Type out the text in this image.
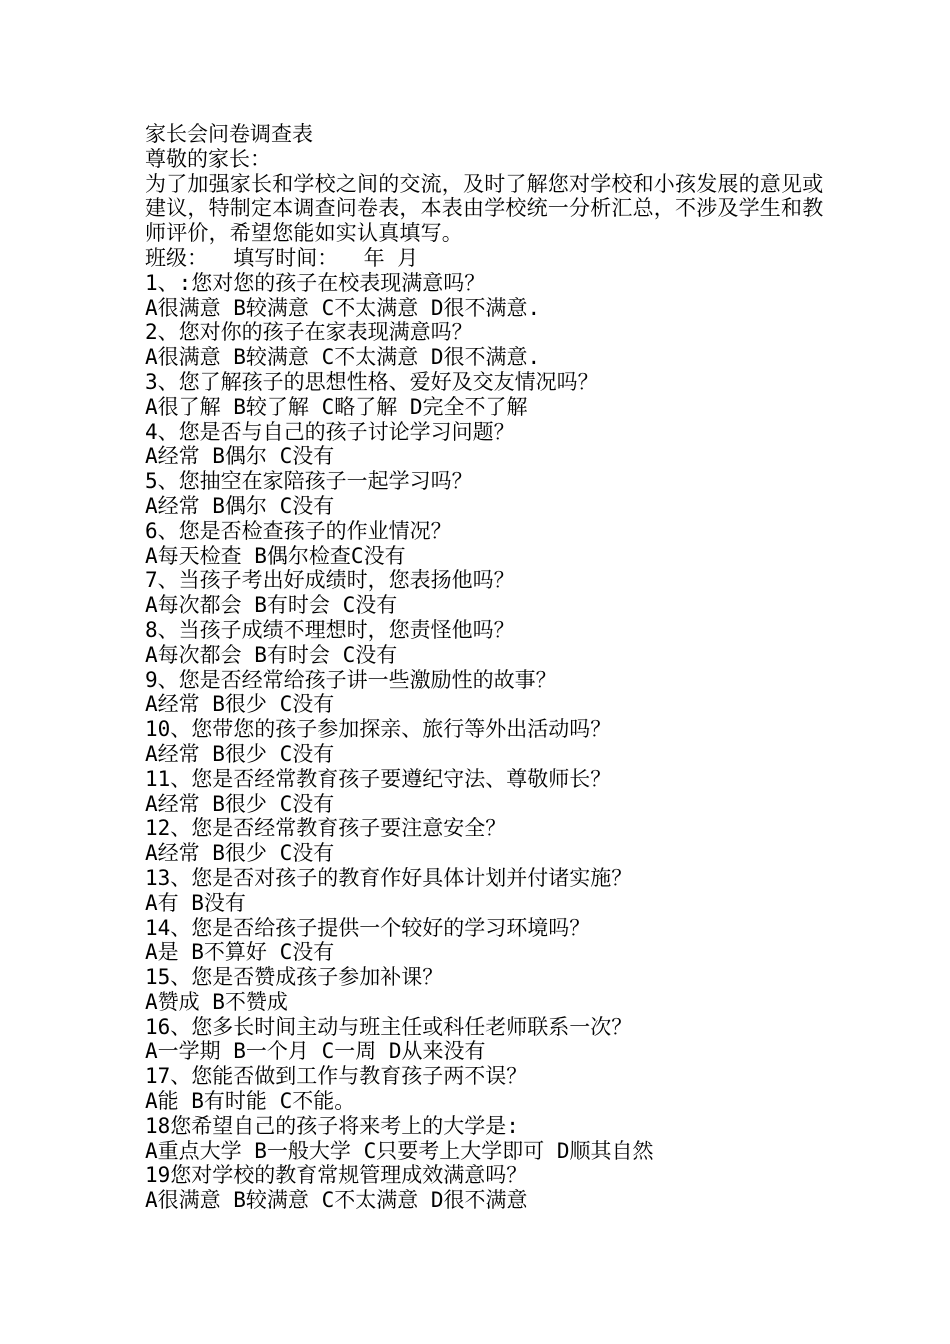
家长会问卷调查表
尊敬的家长：
为了加强家长和学校之间的交流，及时了解您对学校和小孩发展的意见或建议，特制定本调查问卷表，本表由学校统一分析汇总，不涉及学生和教师评价，希望您能如实认真填写。
班级：  填写时间：  年 月
1、:您对您的孩子在校表现满意吗？
A很满意 B较满意 C不太满意 D很不满意.
2、您对你的孩子在家表现满意吗？
A很满意 B较满意 C不太满意 D很不满意.
3、您了解孩子的思想性格、爱好及交友情况吗？
A很了解 B较了解 C略了解 D完全不了解
4、您是否与自己的孩子讨论学习问题？
A经常 B偶尔 C没有
5、您抽空在家陪孩子一起学习吗？
A经常 B偶尔 C没有
6、您是否检查孩子的作业情况？
A每天检查 B偶尔检查C没有
7、当孩子考出好成绩时，您表扬他吗？
A每次都会 B有时会 C没有
8、当孩子成绩不理想时，您责怪他吗？
A每次都会 B有时会 C没有
9、您是否经常给孩子讲一些激励性的故事？
A经常 B很少 C没有
10、您带您的孩子参加探亲、旅行等外出活动吗？
A经常 B很少 C没有
11、您是否经常教育孩子要遵纪守法、尊敬师长？
A经常 B很少 C没有
12、您是否经常教育孩子要注意安全？
A经常 B很少 C没有
13、您是否对孩子的教育作好具体计划并付诸实施？
A有 B没有
14、您是否给孩子提供一个较好的学习环境吗？
A是 B不算好 C没有
15、您是否赞成孩子参加补课？
A赞成 B不赞成
16、您多长时间主动与班主任或科任老师联系一次？
A一学期 B一个月 C一周 D从来没有
17、您能否做到工作与教育孩子两不误？
A能 B有时能 C不能。
18您希望自己的孩子将来考上的大学是:
A重点大学 B一般大学 C只要考上大学即可 D顺其自然
19您对学校的教育常规管理成效满意吗？
A很满意 B较满意 C不太满意 D很不满意
